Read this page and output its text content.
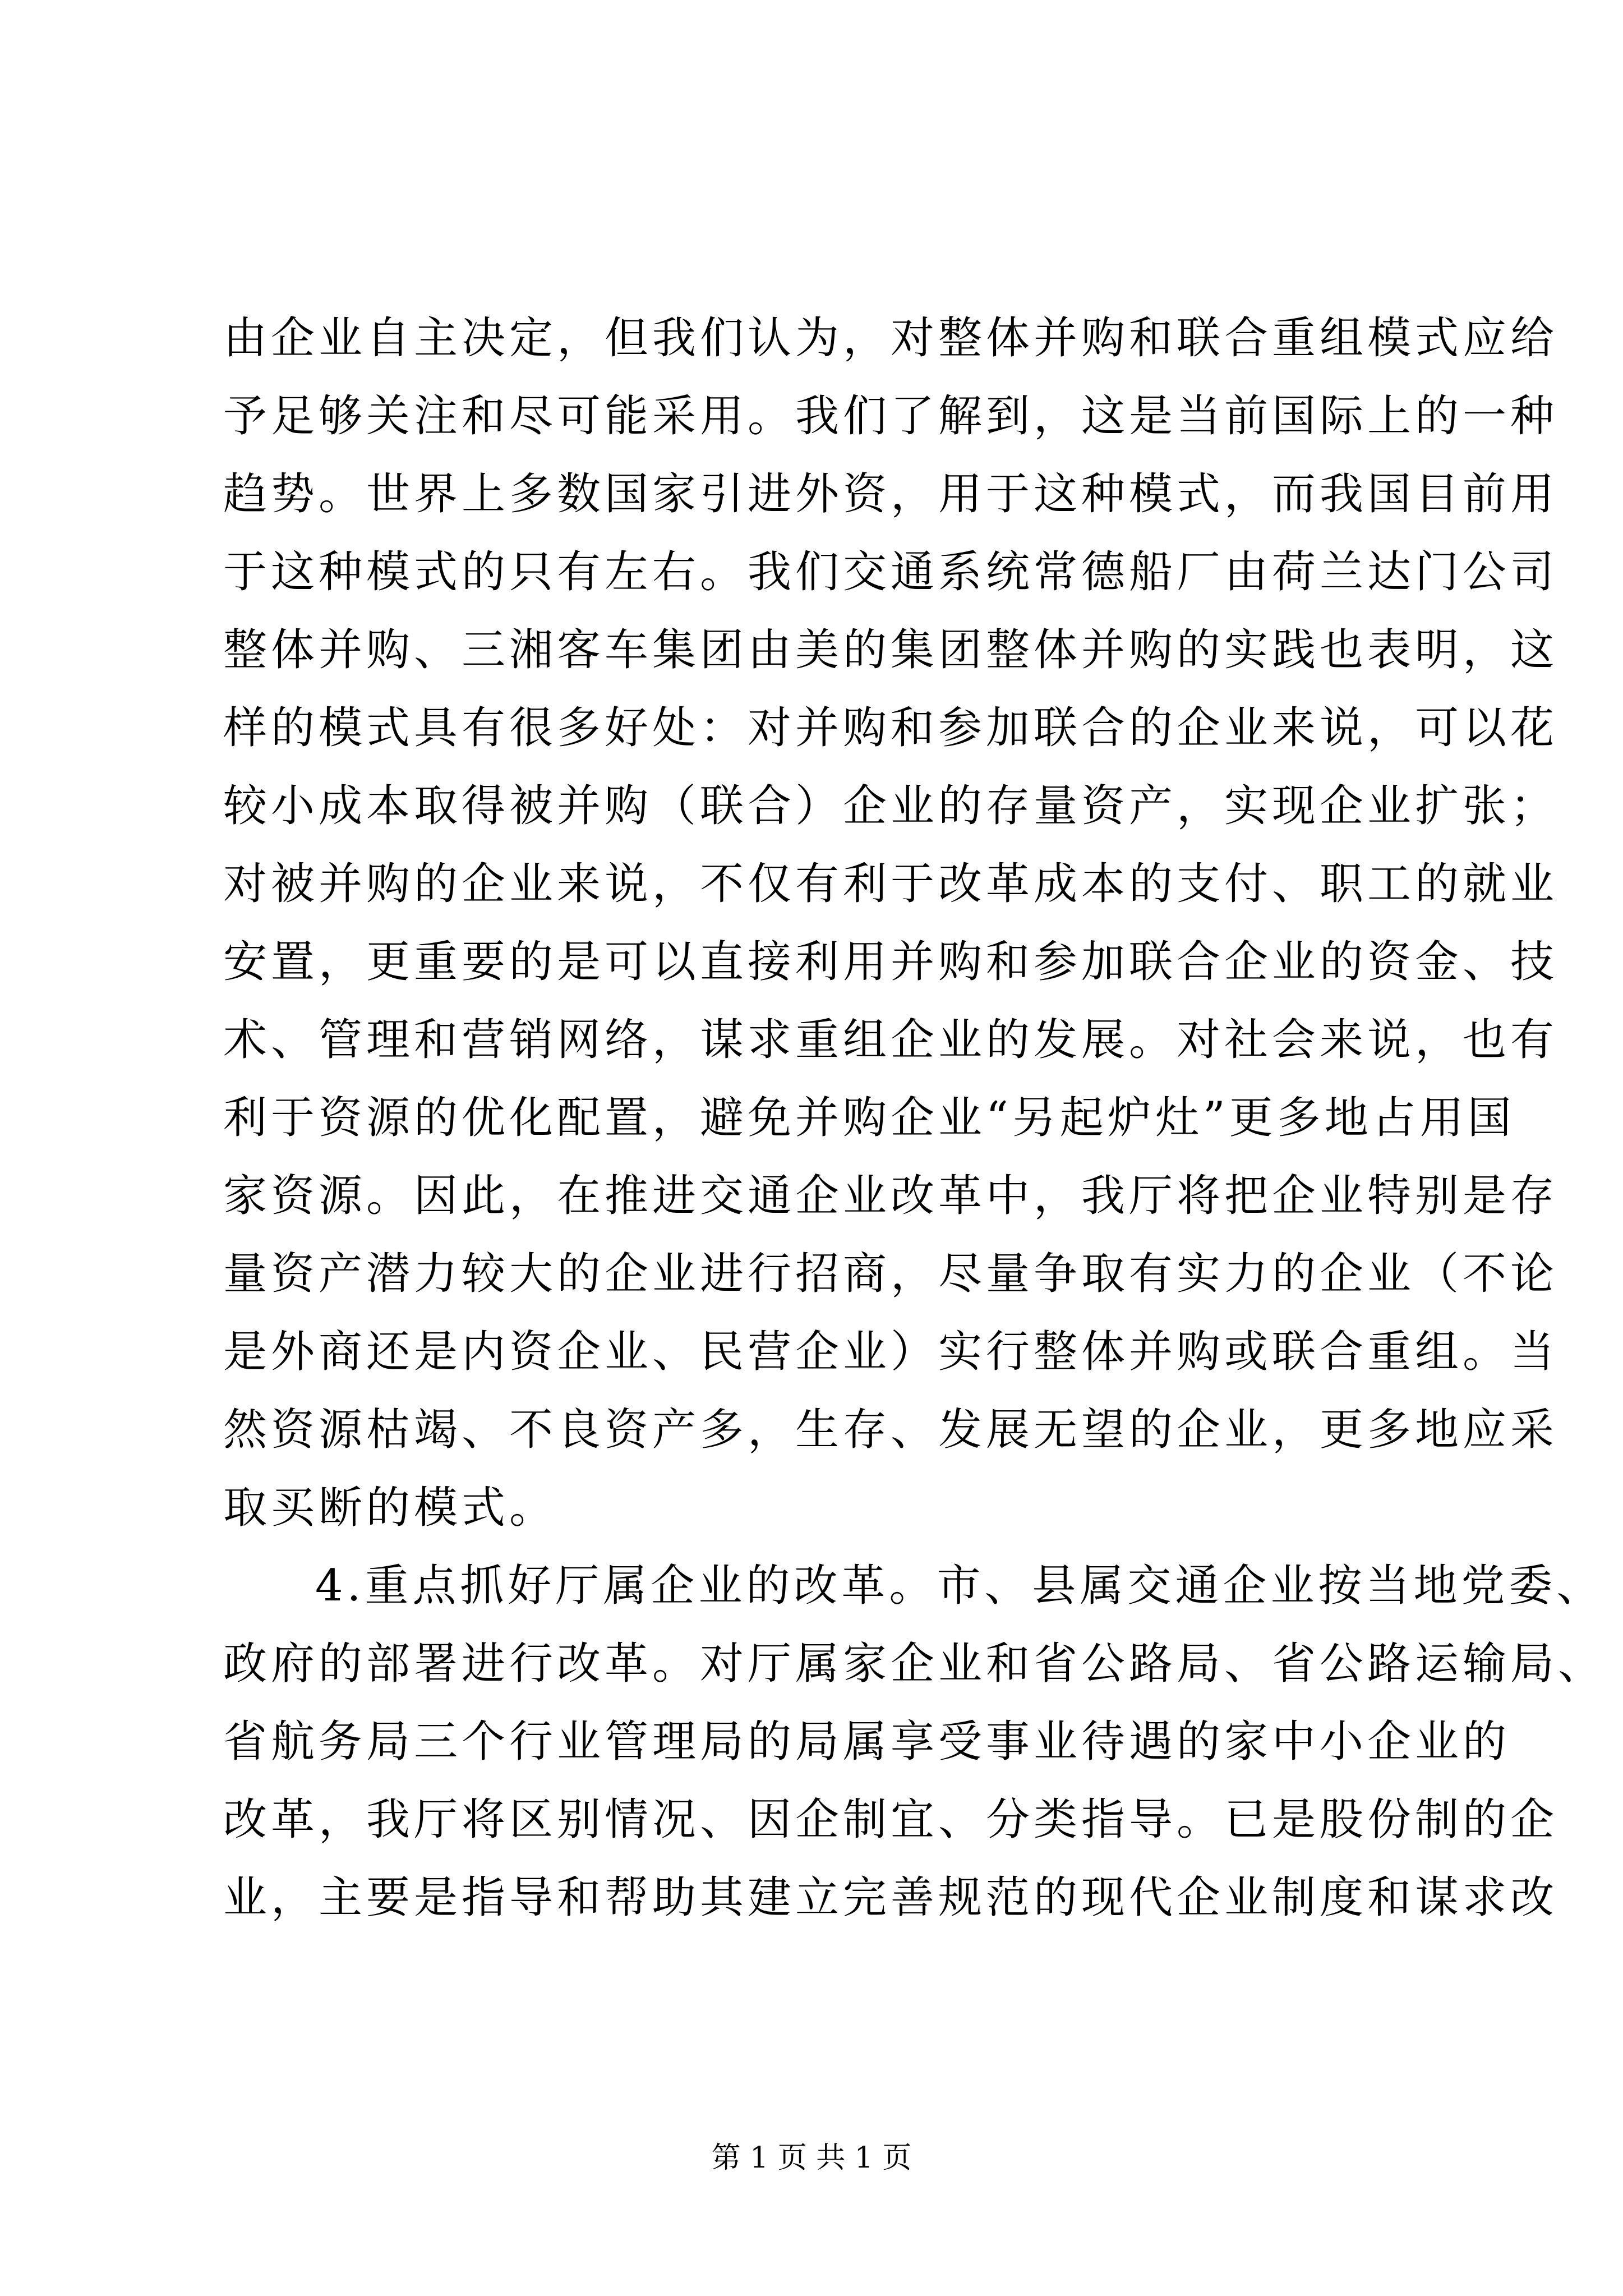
由企业自主决定，但我们认为，对整体并购和联合重组模式应给
予足够关注和尽可能采用。我们了解到，这是当前国际上的一种
趋势。世界上多数国家引进外资，用于这种模式，而我国目前用
于这种模式的只有左右。我们交通系统常德船厂由荷兰达门公司
整体并购、三湘客车集团由美的集团整体并购的实践也表明，这
样的模式具有很多好处：对并购和参加联合的企业来说，可以花
较小成本取得被并购（联合）企业的存量资产，实现企业扩张；
对被并购的企业来说，不仅有利于改革成本的支付、职工的就业
安置，更重要的是可以直接利用并购和参加联合企业的资金、技
术、管理和营销网络，谋求重组企业的发展。对社会来说，也有
利于资源的优化配置，避免并购企业“另起炉灶”更多地占用国
家资源。因此，在推进交通企业改革中，我厅将把企业特别是存
量资产潜力较大的企业进行招商，尽量争取有实力的企业（不论
是外商还是内资企业、民营企业）实行整体并购或联合重组。当
然资源枯竭、不良资产多，生存、发展无望的企业，更多地应采
取买断的模式。
4.重点抓好厅属企业的改革。市、县属交通企业按当地党委、
政府的部署进行改革。对厅属家企业和省公路局、省公路运输局、
省航务局三个行业管理局的局属享受事业待遇的家中小企业的
改革，我厅将区别情况、因企制宜、分类指导。已是股份制的企
业，主要是指导和帮助其建立完善规范的现代企业制度和谋求改
第 1 页 共 1 页
